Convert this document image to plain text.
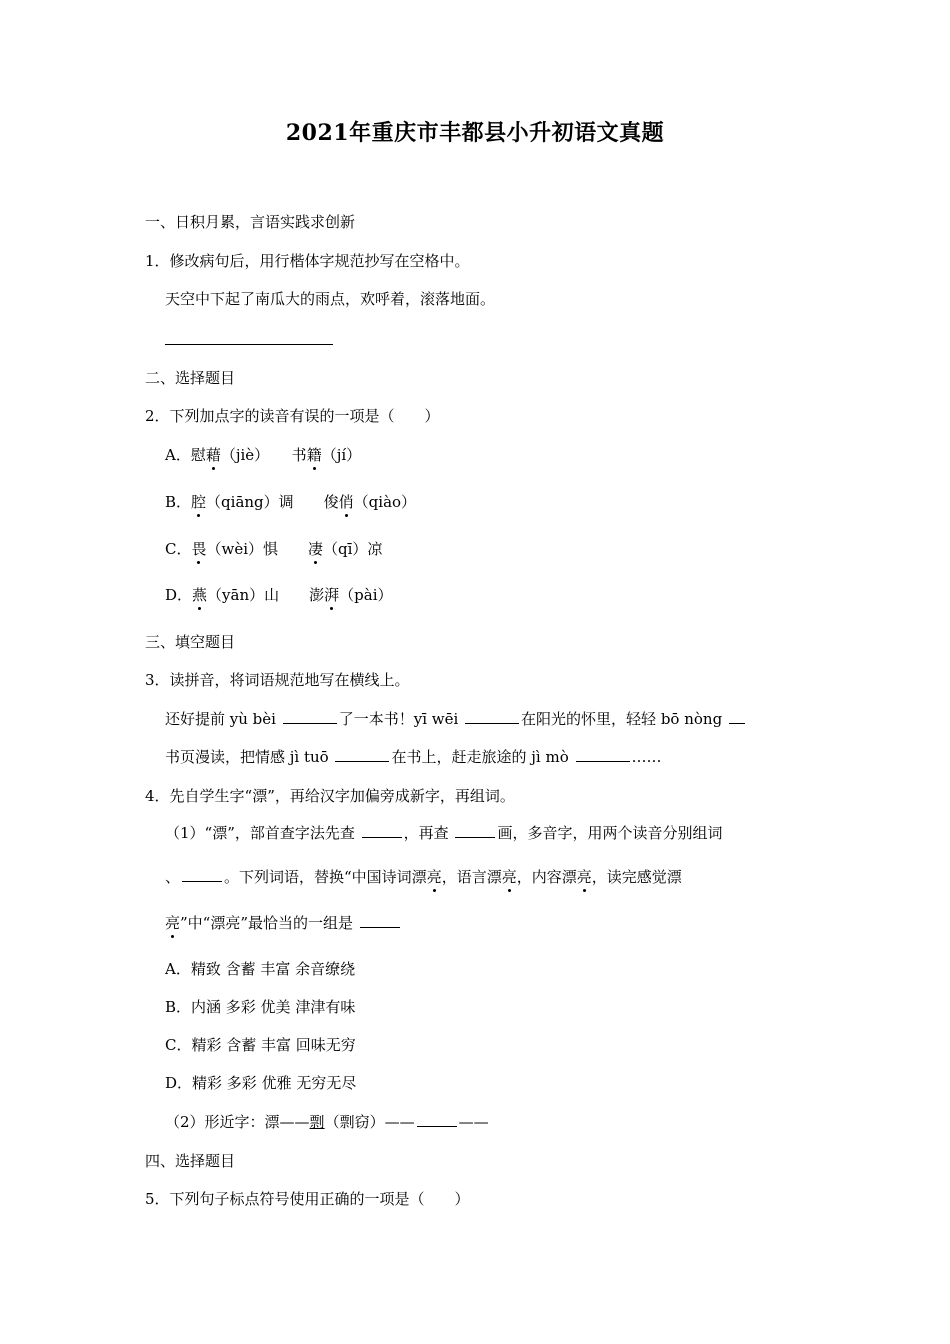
2021年重庆市丰都县小升初语文真题
一、日积月累，言语实践求创新
1．修改病句后，用行楷体字规范抄写在空格中。
天空中下起了南瓜大的雨点，欢呼着，滚落地面。
二、选择题目
2．下列加点字的读音有误的一项是（　　）
A．慰藉（jiè）　　书籍（jí）
B．腔（qiāng）调　　俊俏（qiào）
C．畏（wèi）惧　　凄（qī）凉
D．燕（yān）山　　澎湃（pài）
三、填空题目
3．读拼音，将词语规范地写在横线上。
还好提前 yù bèi	了一本书！yī wēi	在阳光的怀里，轻轻 bō nòng
书页漫读，把情感 jì tuō	在书上，赶走旅途的 jì mò	……
4．先自学生字“漂”，再给汉字加偏旁成新字，再组词。
（1）“漂”，部首查字法先查	，再查	画，多音字，用两个读音分别组词
、	。下列词语，替换“中国诗词漂亮，语言漂亮，内容漂亮，读完感觉漂
亮”中“漂亮”最恰当的一组是
A．精致 含蓄 丰富 余音缭绕
B．内涵 多彩 优美 津津有味
C．精彩 含蓄 丰富 回味无穷
D．精彩 多彩 优雅 无穷无尽
（2）形近字：漂——剽（剽窃）——	——
四、选择题目
5．下列句子标点符号使用正确的一项是（　　）
